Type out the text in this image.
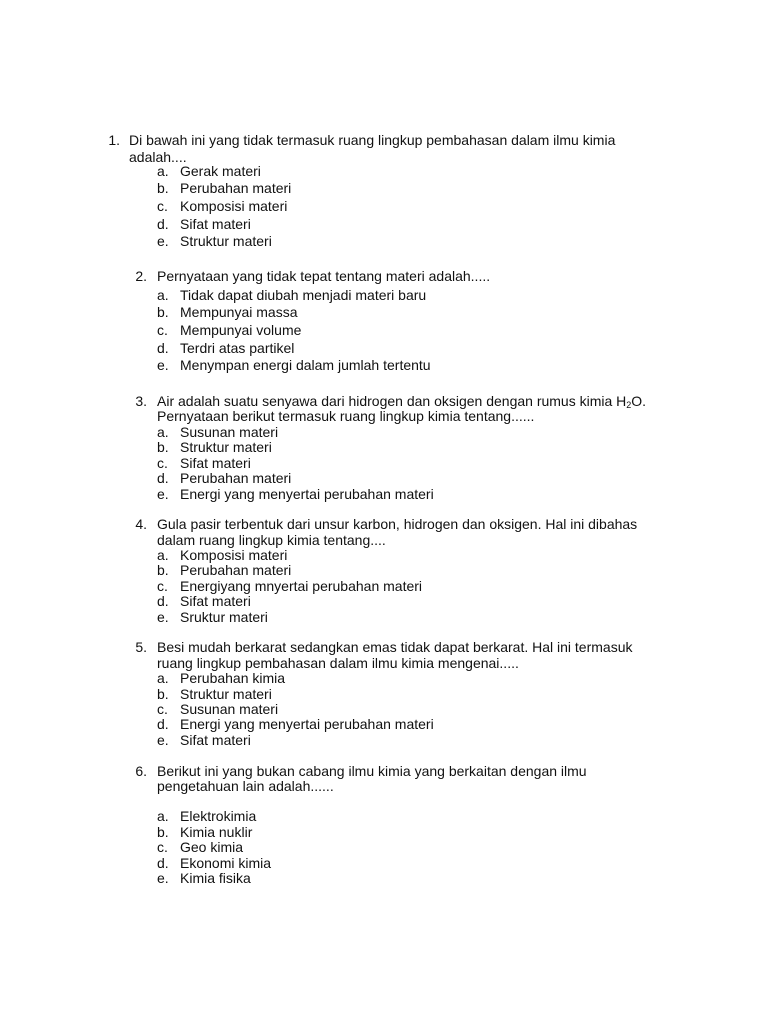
1. Di bawah ini yang tidak termasuk ruang lingkup pembahasan dalam ilmu kimia
adalah....
a. Gerak materi
b. Perubahan materi
c. Komposisi materi
d. Sifat materi
e. Struktur materi
2. Pernyataan yang tidak tepat tentang materi adalah.....
a. Tidak dapat diubah menjadi materi baru
b. Mempunyai massa
c. Mempunyai volume
d. Terdri atas partikel
e. Menympan energi dalam jumlah tertentu
3. Air adalah suatu senyawa dari hidrogen dan oksigen dengan rumus kimia $H_2O$.
Pernyataan berikut termasuk ruang lingkup kimia tentang......
a. Susunan materi
b. Struktur materi
c. Sifat materi
d. Perubahan materi
e. Energi yang menyertai perubahan materi
4. Gula pasir terbentuk dari unsur karbon, hidrogen dan oksigen. Hal ini dibahas
dalam ruang lingkup kimia tentang....
a. Komposisi materi
b. Perubahan materi
c. Energiyang mnyertai perubahan materi
d. Sifat materi
e. Sruktur materi
5. Besi mudah berkarat sedangkan emas tidak dapat berkarat. Hal ini termasuk
ruang lingkup pembahasan dalam ilmu kimia mengenai.....
a. Perubahan kimia
b. Struktur materi
c. Susunan materi
d. Energi yang menyertai perubahan materi
e. Sifat materi
6. Berikut ini yang bukan cabang ilmu kimia yang berkaitan dengan ilmu
pengetahuan lain adalah......
a. Elektrokimia
b. Kimia nuklir
c. Geo kimia
d. Ekonomi kimia
e. Kimia fisika
